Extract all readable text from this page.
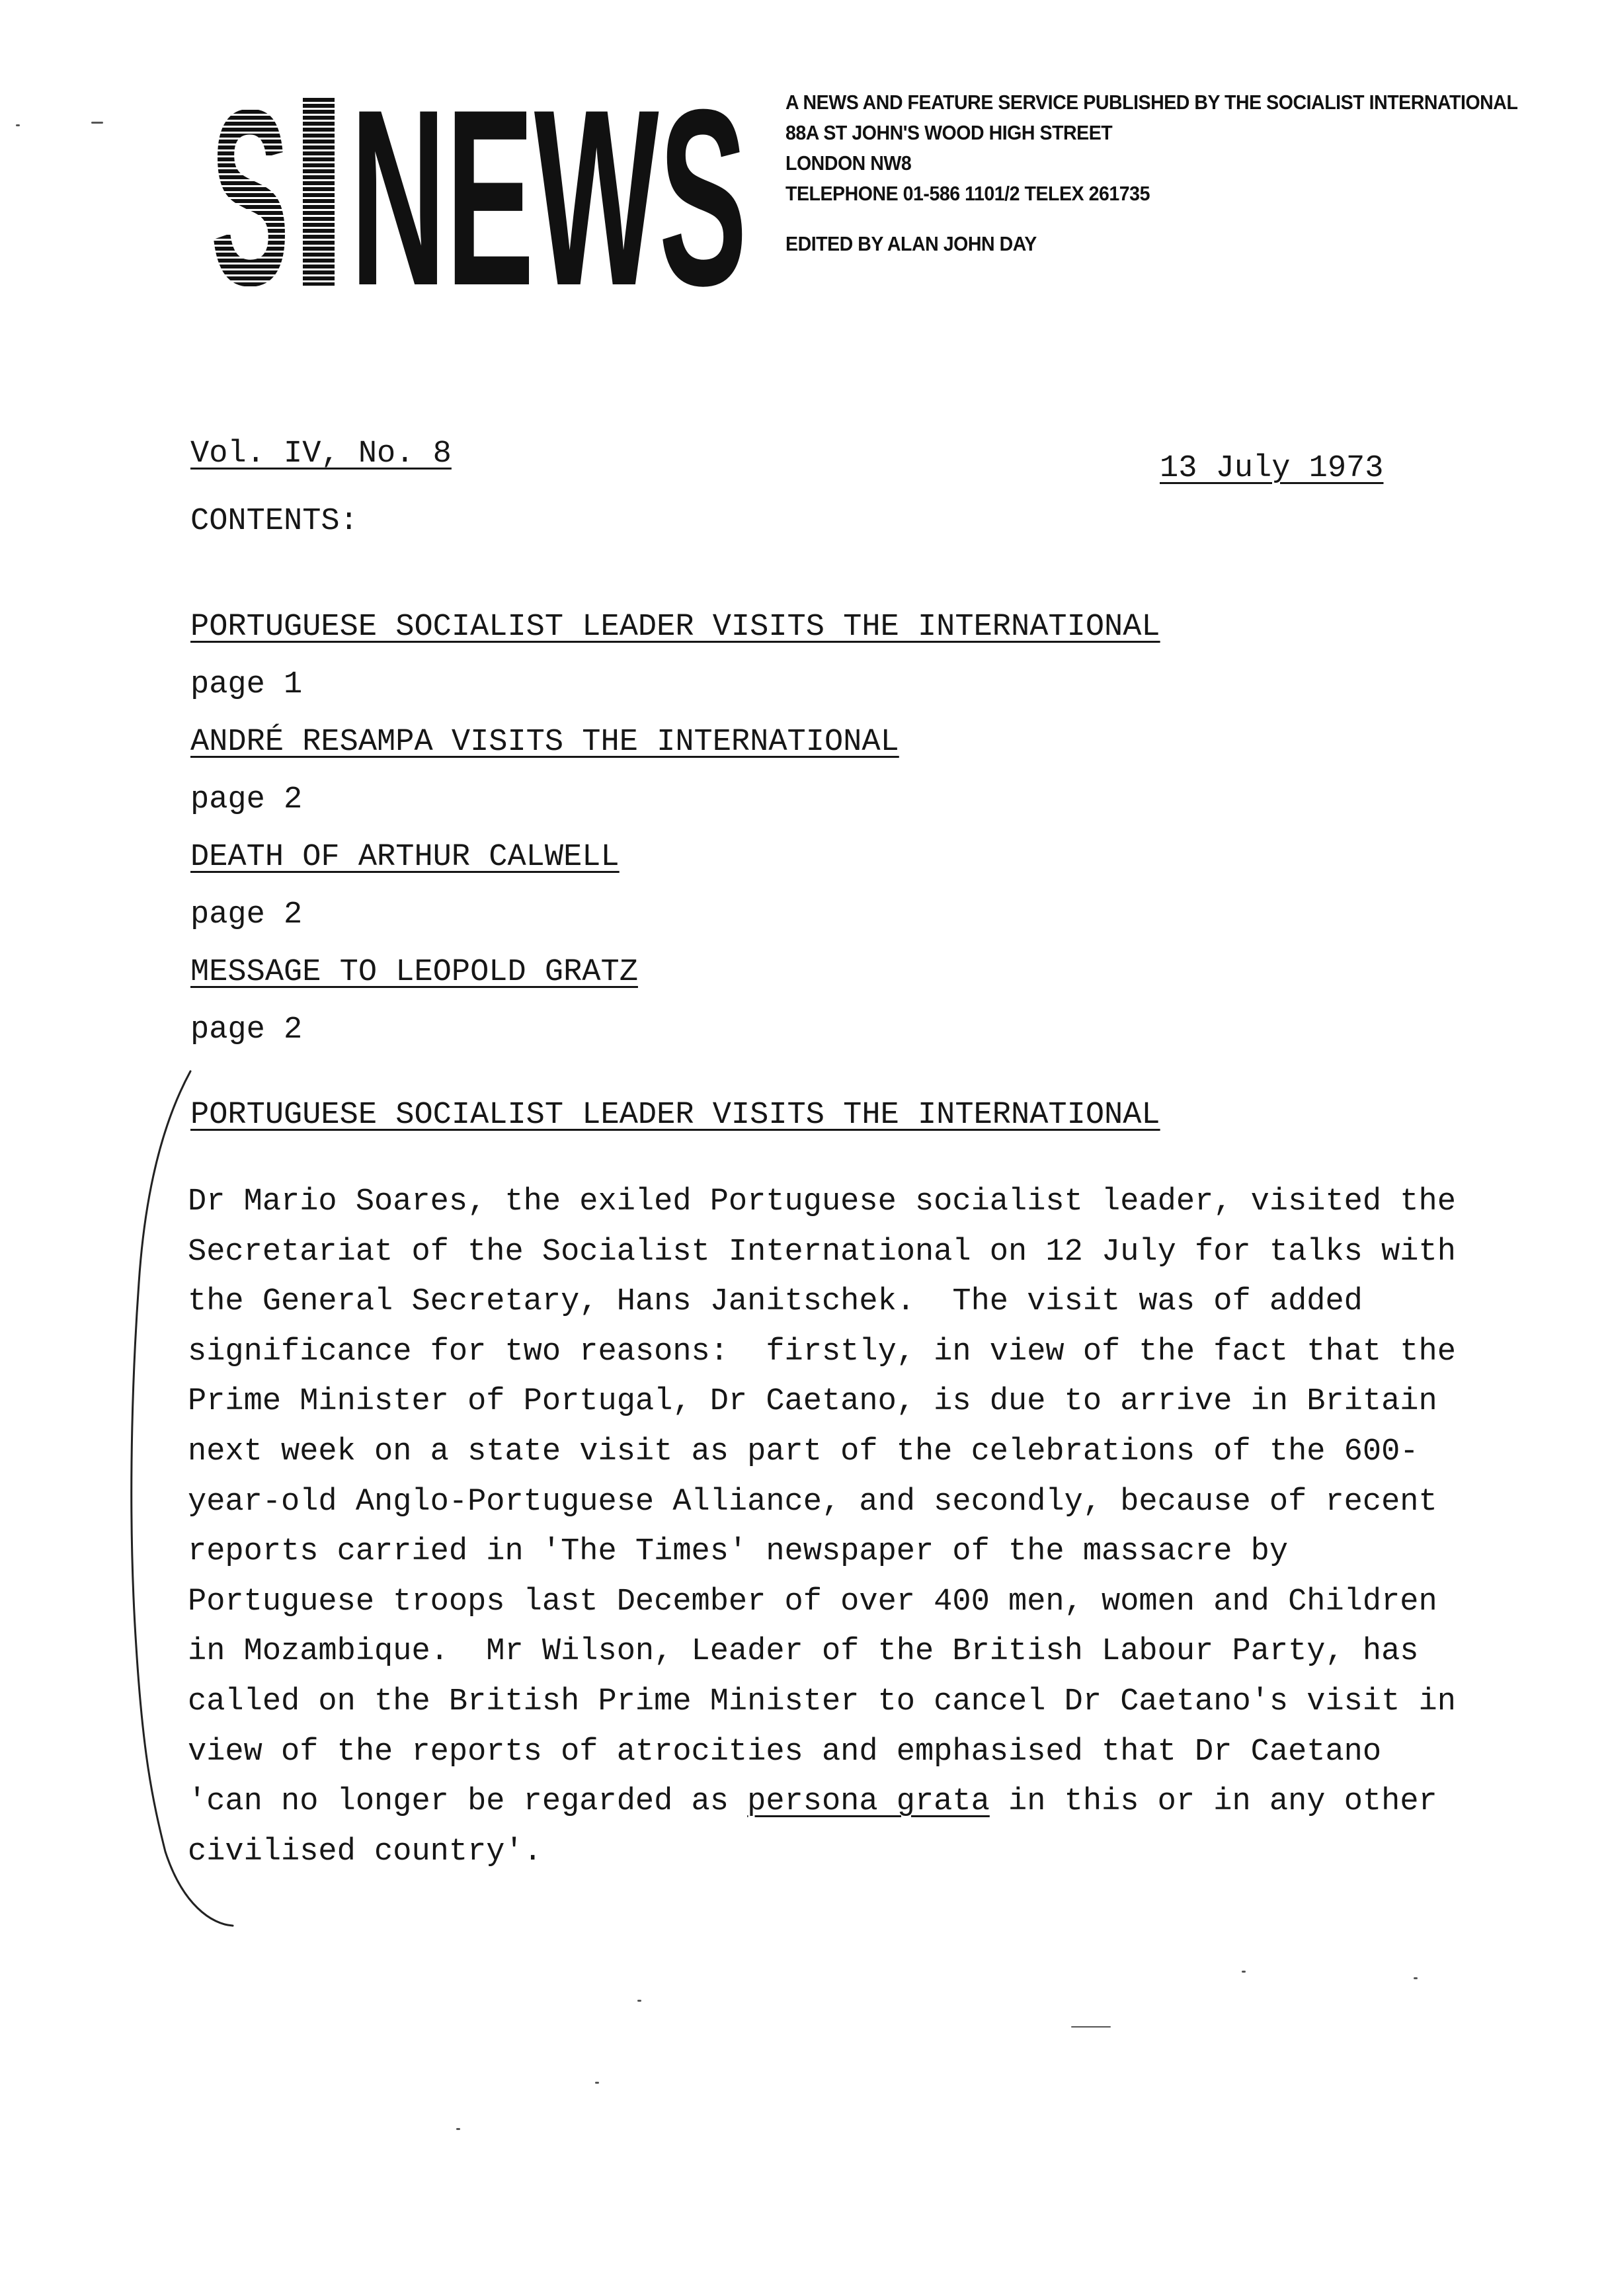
S NEWS A NEWS AND FEATURE SERVICE PUBLISHED BY THE SOCIALIST INTERNATIONAL
88A ST JOHN'S WOOD HIGH STREET
LONDON NW8
TELEPHONE 01-586 1101/2 TELEX 261735
EDITED BY ALAN JOHN DAY
Vol. IV, No. 8	13 July 1973
CONTENTS:
PORTUGUESE SOCIALIST LEADER VISITS THE INTERNATIONAL
page 1
ANDRÉ RESAMPA VISITS THE INTERNATIONAL
page 2
DEATH OF ARTHUR CALWELL
page 2
MESSAGE TO LEOPOLD GRATZ
page 2
PORTUGUESE SOCIALIST LEADER VISITS THE INTERNATIONAL
Dr Mario Soares, the exiled Portuguese socialist leader, visited the
Secretariat of the Socialist International on 12 July for talks with
the General Secretary, Hans Janitschek.  The visit was of added
significance for two reasons:  firstly, in view of the fact that the
Prime Minister of Portugal, Dr Caetano, is due to arrive in Britain
next week on a state visit as part of the celebrations of the 600-
year-old Anglo-Portuguese Alliance, and secondly, because of recent
reports carried in 'The Times' newspaper of the massacre by
Portuguese troops last December of over 400 men, women and Children
in Mozambique.  Mr Wilson, Leader of the British Labour Party, has
called on the British Prime Minister to cancel Dr Caetano's visit in
view of the reports of atrocities and emphasised that Dr Caetano
'can no longer be regarded as persona grata in this or in any other
civilised country'.
